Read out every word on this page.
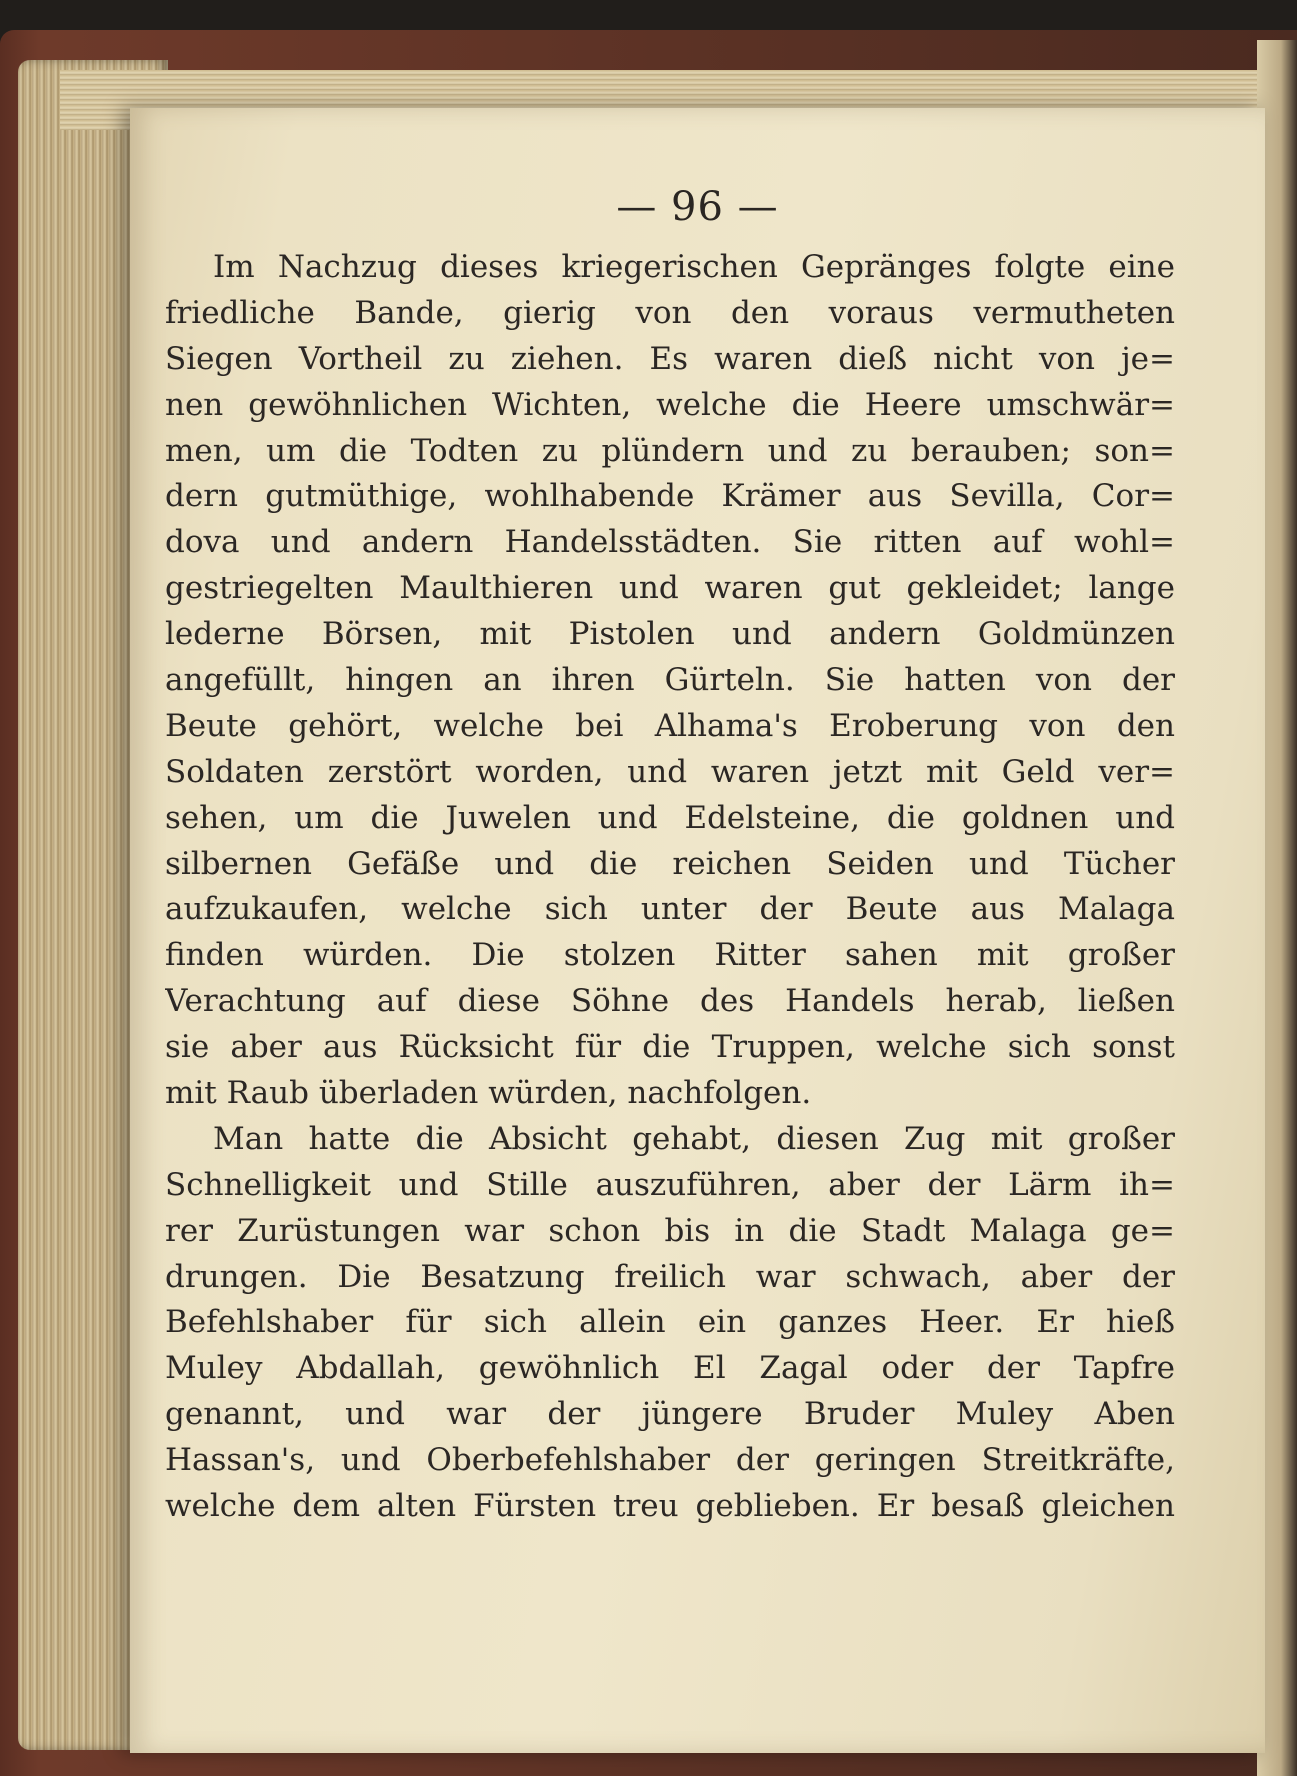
— 96 —
Im Nachzug dieses kriegerischen Gepränges folgte eine
friedliche Bande, gierig von den voraus vermutheten
Siegen Vortheil zu ziehen. Es waren dieß nicht von je=
nen gewöhnlichen Wichten, welche die Heere umschwär=
men, um die Todten zu plündern und zu berauben; son=
dern gutmüthige, wohlhabende Krämer aus Sevilla, Cor=
dova und andern Handelsstädten. Sie ritten auf wohl=
gestriegelten Maulthieren und waren gut gekleidet; lange
lederne Börsen, mit Pistolen und andern Goldmünzen
angefüllt, hingen an ihren Gürteln. Sie hatten von der
Beute gehört, welche bei Alhama's Eroberung von den
Soldaten zerstört worden, und waren jetzt mit Geld ver=
sehen, um die Juwelen und Edelsteine, die goldnen und
silbernen Gefäße und die reichen Seiden und Tücher
aufzukaufen, welche sich unter der Beute aus Malaga
finden würden. Die stolzen Ritter sahen mit großer
Verachtung auf diese Söhne des Handels herab, ließen
sie aber aus Rücksicht für die Truppen, welche sich sonst
mit Raub überladen würden, nachfolgen.
Man hatte die Absicht gehabt, diesen Zug mit großer
Schnelligkeit und Stille auszuführen, aber der Lärm ih=
rer Zurüstungen war schon bis in die Stadt Malaga ge=
drungen. Die Besatzung freilich war schwach, aber der
Befehlshaber für sich allein ein ganzes Heer. Er hieß
Muley Abdallah, gewöhnlich El Zagal oder der Tapfre
genannt, und war der jüngere Bruder Muley Aben
Hassan's, und Oberbefehlshaber der geringen Streitkräfte,
welche dem alten Fürsten treu geblieben. Er besaß gleichen
